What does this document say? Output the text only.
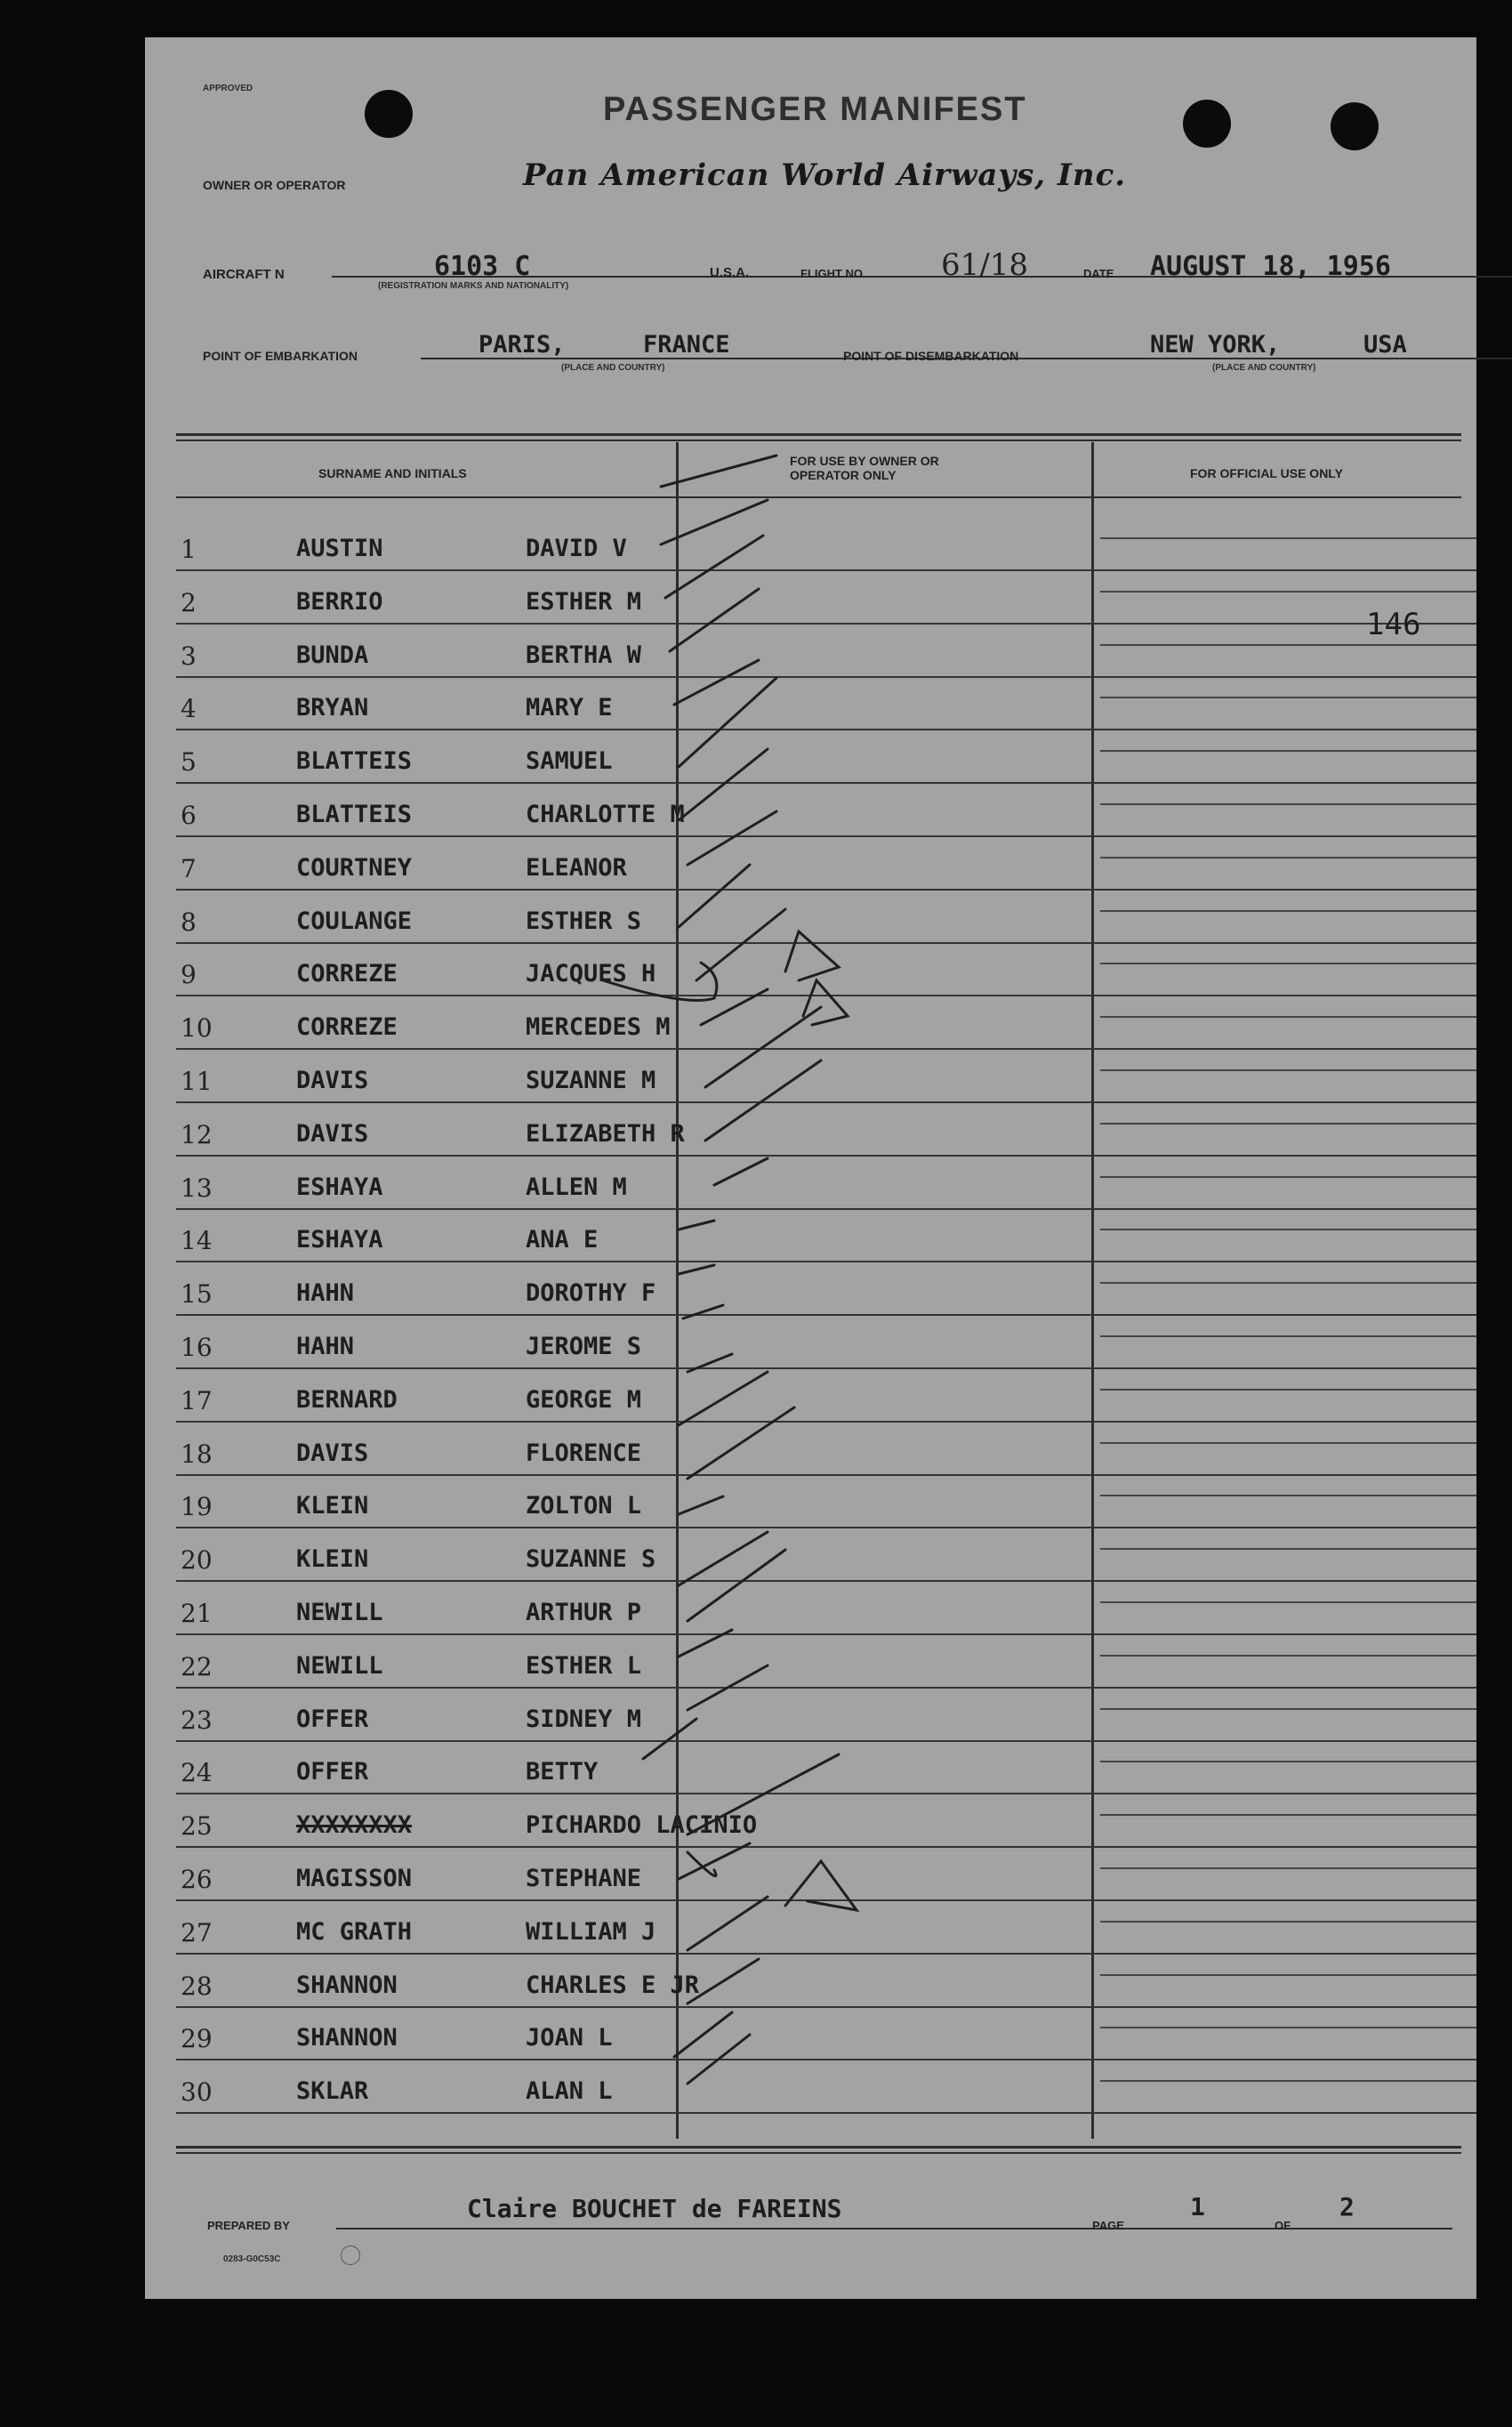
APPROVED
PASSENGER MANIFEST
OWNER OR OPERATOR	Pan American World Airways, Inc.
AIRCRAFT N	6103 C
(REGISTRATION MARKS AND NATIONALITY)
U.S.A.	FLIGHT NO. 61/18	DATE AUGUST 18, 1956
POINT OF EMBARKATION	PARIS,	FRANCE
(PLACE AND COUNTRY)
POINT OF DISEMBARKATION	NEW YORK,	USA
(PLACE AND COUNTRY)
SURNAME AND INITIALS
FOR USE BY OWNER OR OPERATOR ONLY	FOR OFFICIAL USE ONLY
1	AUSTIN	DAVID V
2	BERRIO	ESTHER M
3	BUNDA	BERTHA W
4	BRYAN	MARY E
5	BLATTEIS	SAMUEL
6	BLATTEIS	CHARLOTTE M
7	COURTNEY	ELEANOR
8	COULANGE	ESTHER S
9	CORREZE	JACQUES H
10	CORREZE	MERCEDES M
11	DAVIS	SUZANNE M
12	DAVIS	ELIZABETH R
13	ESHAYA	ALLEN M
14	ESHAYA	ANA E
15	HAHN	DOROTHY F
16	HAHN	JEROME S
17	BERNARD	GEORGE M
18	DAVIS	FLORENCE
19	KLEIN	ZOLTON L
20	KLEIN	SUZANNE S
21	NEWILL	ARTHUR P
22	NEWILL	ESTHER L
23	OFFER	SIDNEY M
24	OFFER	BETTY
25	XXXXXXXX	PICHARDO LACINIO
26	MAGISSON	STEPHANE
27	MC GRATH	WILLIAM J
28	SHANNON	CHARLES E JR
29	SHANNON	JOAN L
30	SKLAR	ALAN L
146
PREPARED BY
Claire BOUCHET de FAREINS
PAGE
1
OF
2
0283-G0C53C
